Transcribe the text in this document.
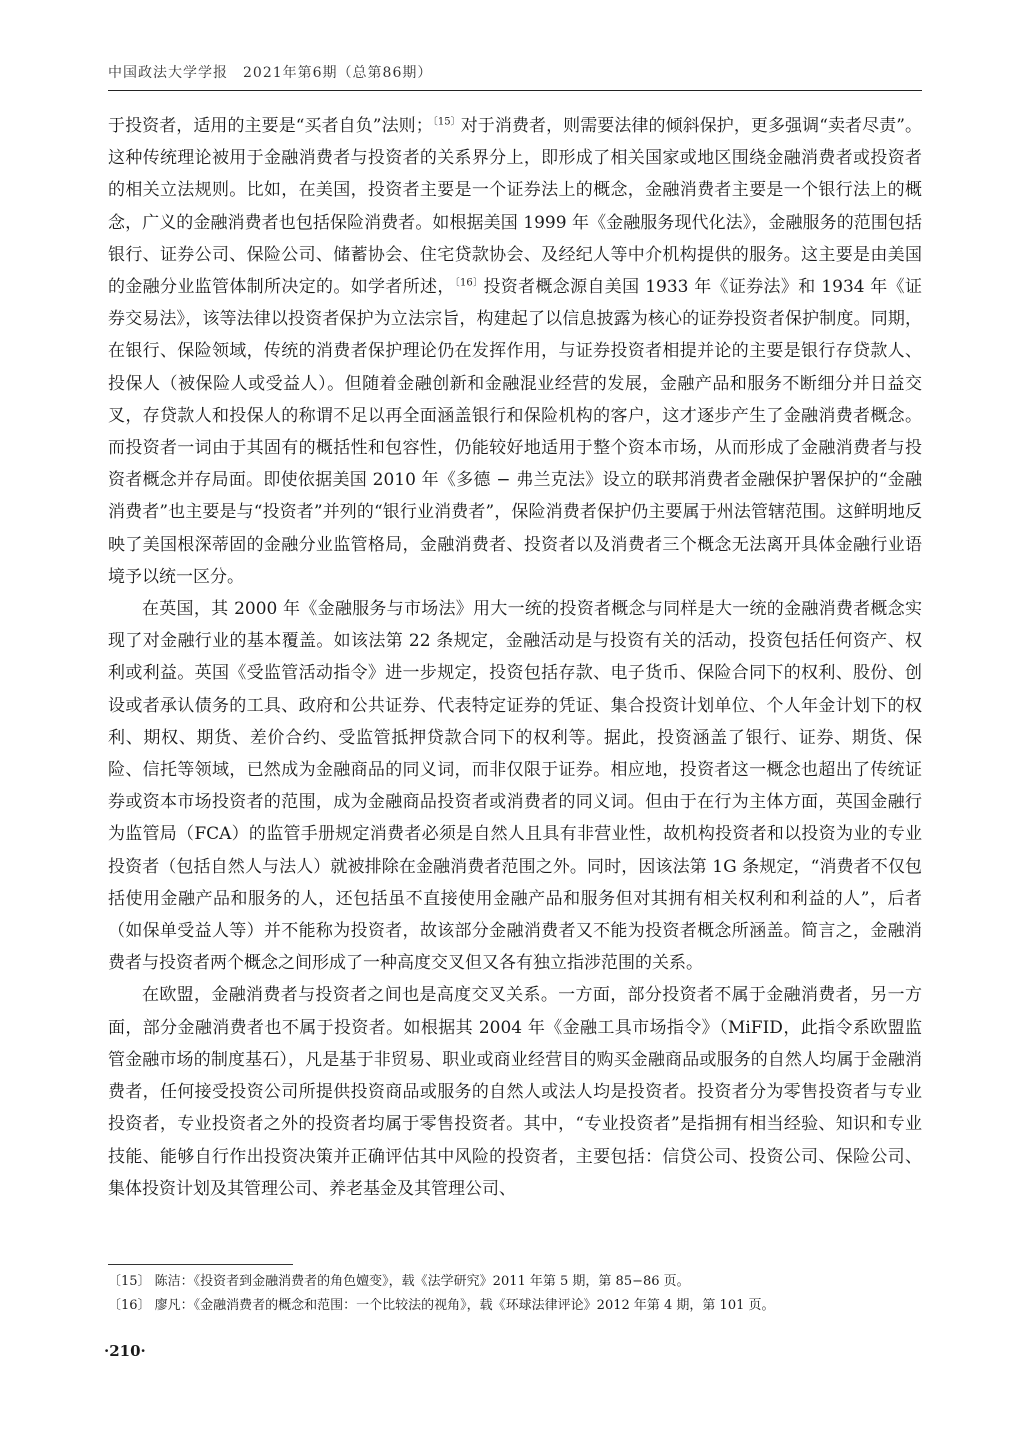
中国政法大学学报　2021年第6期（总第86期）

于投资者，适用的主要是“买者自负”法则；$^{〔15〕}$对于消费者，则需要法律的倾斜保护，更多强调“卖者尽责”。这种传统理论被用于金融消费者与投资者的关系界分上，即形成了相关国家或地区围绕金融消费者或投资者的相关立法规则。比如，在美国，投资者主要是一个证券法上的概念，金融消费者主要是一个银行法上的概念，广义的金融消费者也包括保险消费者。如根据美国 1999 年《金融服务现代化法》，金融服务的范围包括银行、证券公司、保险公司、储蓄协会、住宅贷款协会、及经纪人等中介机构提供的服务。这主要是由美国的金融分业监管体制所决定的。如学者所述，$^{〔16〕}$投资者概念源自美国 1933 年《证券法》和 1934 年《证券交易法》，该等法律以投资者保护为立法宗旨，构建起了以信息披露为核心的证券投资者保护制度。同期，在银行、保险领域，传统的消费者保护理论仍在发挥作用，与证券投资者相提并论的主要是银行存贷款人、投保人（被保险人或受益人）。但随着金融创新和金融混业经营的发展，金融产品和服务不断细分并日益交叉，存贷款人和投保人的称谓不足以再全面涵盖银行和保险机构的客户，这才逐步产生了金融消费者概念。而投资者一词由于其固有的概括性和包容性，仍能较好地适用于整个资本市场，从而形成了金融消费者与投资者概念并存局面。即使依据美国 2010 年《多德 − 弗兰克法》设立的联邦消费者金融保护署保护的“金融消费者”也主要是与“投资者”并列的“银行业消费者”，保险消费者保护仍主要属于州法管辖范围。这鲜明地反映了美国根深蒂固的金融分业监管格局，金融消费者、投资者以及消费者三个概念无法离开具体金融行业语境予以统一区分。

在英国，其 2000 年《金融服务与市场法》用大一统的投资者概念与同样是大一统的金融消费者概念实现了对金融行业的基本覆盖。如该法第 22 条规定，金融活动是与投资有关的活动，投资包括任何资产、权利或利益。英国《受监管活动指令》进一步规定，投资包括存款、电子货币、保险合同下的权利、股份、创设或者承认债务的工具、政府和公共证券、代表特定证券的凭证、集合投资计划单位、个人年金计划下的权利、期权、期货、差价合约、受监管抵押贷款合同下的权利等。据此，投资涵盖了银行、证券、期货、保险、信托等领域，已然成为金融商品的同义词，而非仅限于证券。相应地，投资者这一概念也超出了传统证券或资本市场投资者的范围，成为金融商品投资者或消费者的同义词。但由于在行为主体方面，英国金融行为监管局（FCA）的监管手册规定消费者必须是自然人且具有非营业性，故机构投资者和以投资为业的专业投资者（包括自然人与法人）就被排除在金融消费者范围之外。同时，因该法第 1G 条规定，“消费者不仅包括使用金融产品和服务的人，还包括虽不直接使用金融产品和服务但对其拥有相关权利和利益的人”，后者（如保单受益人等）并不能称为投资者，故该部分金融消费者又不能为投资者概念所涵盖。简言之，金融消费者与投资者两个概念之间形成了一种高度交叉但又各有独立指涉范围的关系。

在欧盟，金融消费者与投资者之间也是高度交叉关系。一方面，部分投资者不属于金融消费者，另一方面，部分金融消费者也不属于投资者。如根据其 2004 年《金融工具市场指令》（MiFID，此指令系欧盟监管金融市场的制度基石），凡是基于非贸易、职业或商业经营目的购买金融商品或服务的自然人均属于金融消费者，任何接受投资公司所提供投资商品或服务的自然人或法人均是投资者。投资者分为零售投资者与专业投资者，专业投资者之外的投资者均属于零售投资者。其中，“专业投资者”是指拥有相当经验、知识和专业技能、能够自行作出投资决策并正确评估其中风险的投资者，主要包括：信贷公司、投资公司、保险公司、集体投资计划及其管理公司、养老基金及其管理公司、

〔15〕 陈洁：《投资者到金融消费者的角色嬗变》，载《法学研究》2011 年第 5 期，第 85−86 页。
〔16〕 廖凡：《金融消费者的概念和范围：一个比较法的视角》，载《环球法律评论》2012 年第 4 期，第 101 页。
·210·
